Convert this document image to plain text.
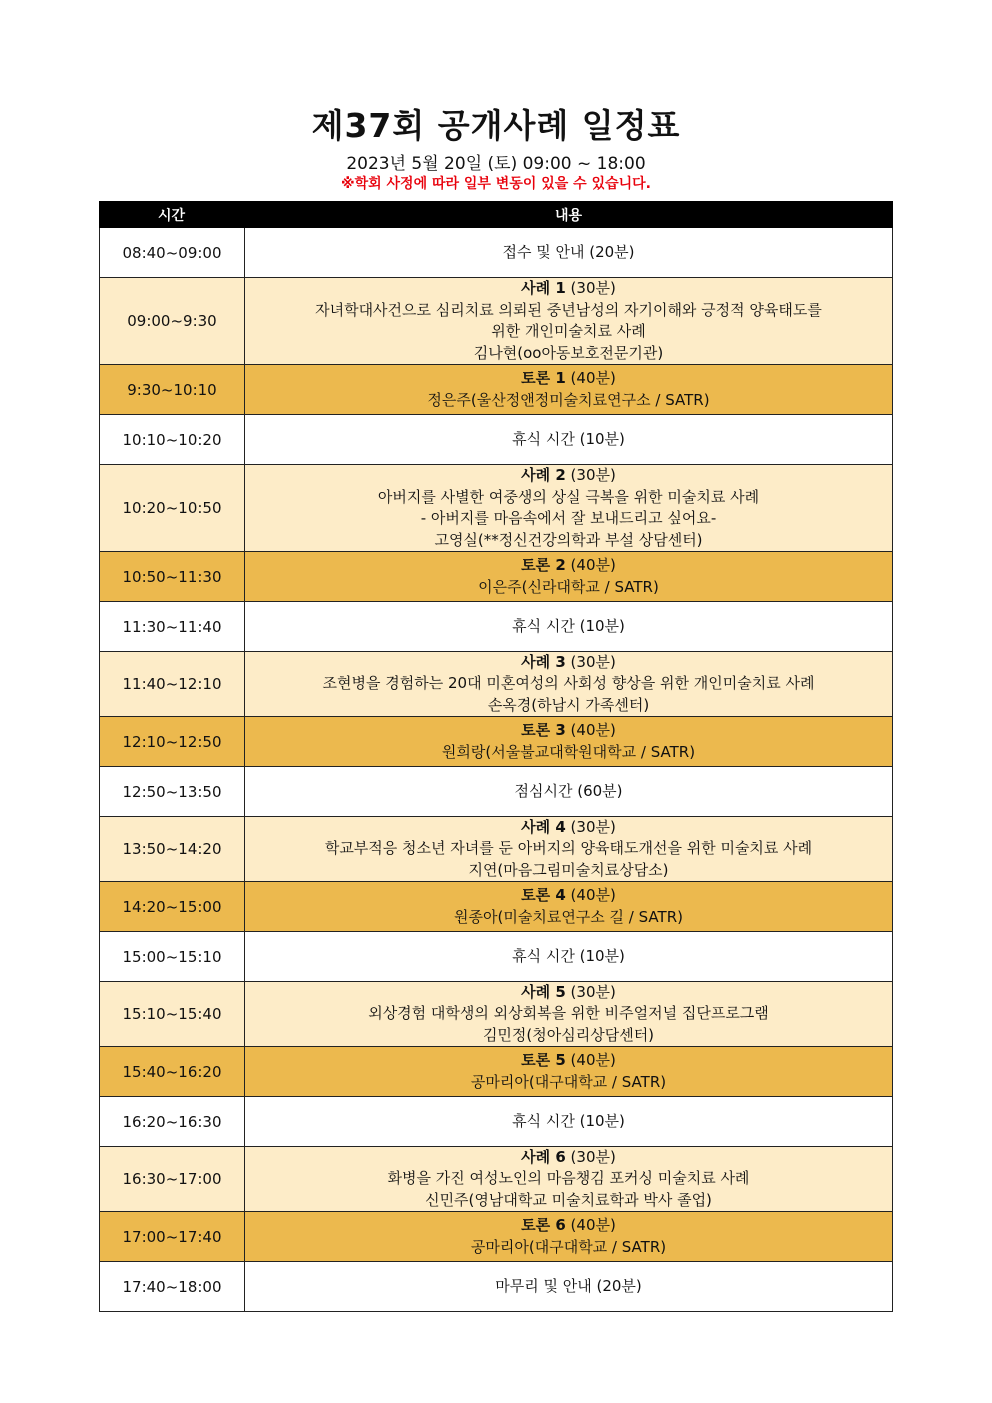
제37회 공개사례 일정표
2023년 5월 20일 (토) 09:00 ~ 18:00
※학회 사정에 따라 일부 변동이 있을 수 있습니다.
시간	내용
08:40~09:00	접수 및 안내 (20분)
09:00~9:30
사례 1 (30분)
자녀학대사건으로 심리치료 의뢰된 중년남성의 자기이해와 긍정적 양육태도를
위한 개인미술치료 사례
김나현(oo아동보호전문기관)
9:30~10:10
토론 1 (40분)
정은주(울산정앤정미술치료연구소 / SATR)
10:10~10:20	휴식 시간 (10분)
10:20~10:50
사례 2 (30분)
아버지를 사별한 여중생의 상실 극복을 위한 미술치료 사례
- 아버지를 마음속에서 잘 보내드리고 싶어요-
고영실(**정신건강의학과 부설 상담센터)
10:50~11:30
토론 2 (40분)
이은주(신라대학교 / SATR)
11:30~11:40	휴식 시간 (10분)
11:40~12:10
사례 3 (30분)
조현병을 경험하는 20대 미혼여성의 사회성 향상을 위한 개인미술치료 사례
손옥경(하남시 가족센터)
12:10~12:50
토론 3 (40분)
원희랑(서울불교대학원대학교 / SATR)
12:50~13:50	점심시간 (60분)
13:50~14:20
사례 4 (30분)
학교부적응 청소년 자녀를 둔 아버지의 양육태도개선을 위한 미술치료 사례
지연(마음그림미술치료상담소)
14:20~15:00
토론 4 (40분)
원종아(미술치료연구소 길 / SATR)
15:00~15:10	휴식 시간 (10분)
15:10~15:40
사례 5 (30분)
외상경험 대학생의 외상회복을 위한 비주얼저널 집단프로그램
김민정(청아심리상담센터)
15:40~16:20
토론 5 (40분)
공마리아(대구대학교 / SATR)
16:20~16:30	휴식 시간 (10분)
16:30~17:00
사례 6 (30분)
화병을 가진 여성노인의 마음챙김 포커싱 미술치료 사례
신민주(영남대학교 미술치료학과 박사 졸업)
17:00~17:40
토론 6 (40분)
공마리아(대구대학교 / SATR)
17:40~18:00	마무리 및 안내 (20분)
